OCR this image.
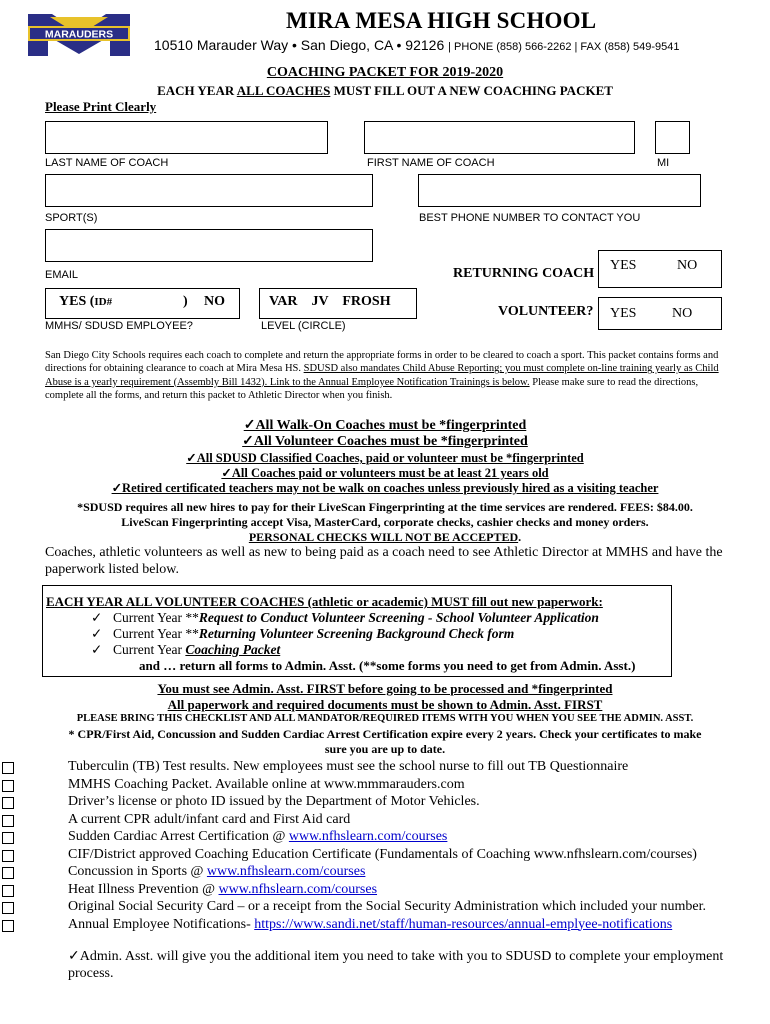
MARAUDERS
MIRA MESA HIGH SCHOOL
10510 Marauder Way • San Diego, CA • 92126 | PHONE (858) 566-2262 | FAX (858) 549-9541
COACHING PACKET FOR 2019-2020
EACH YEAR ALL COACHES MUST FILL OUT A NEW COACHING PACKET
Please Print Clearly
LAST NAME OF COACH	FIRST NAME OF COACH	MI
SPORT(S)	BEST PHONE NUMBER TO CONTACT YOU
EMAIL	RETURNING COACH
YES	NO
YES (ID#	) NO	VAR    JV    FROSH
MMHS/ SDUSD EMPLOYEE?	LEVEL (CIRCLE)
VOLUNTEER? YES	NO
San Diego City Schools requires each coach to complete and return the appropriate forms in order to be cleared to coach a sport. This packet contains forms and directions for obtaining clearance to coach at Mira Mesa HS. SDUSD also mandates Child Abuse Reporting; you must complete on-line training yearly as Child Abuse is a yearly requirement (Assembly Bill 1432). Link to the Annual Employee Notification Trainings is below. Please make sure to read the directions, complete all the forms, and return this packet to Athletic Director when you finish.
✓All Walk-On Coaches must be *fingerprinted
✓All Volunteer Coaches must be *fingerprinted
✓All SDUSD Classified Coaches, paid or volunteer must be *fingerprinted
✓All Coaches paid or volunteers must be at least 21 years old
✓Retired certificated teachers may not be walk on coaches unless previously hired as a visiting teacher
*SDUSD requires all new hires to pay for their LiveScan Fingerprinting at the time services are rendered. FEES: $84.00.
LiveScan Fingerprinting accept Visa, MasterCard, corporate checks, cashier checks and money orders.
PERSONAL CHECKS WILL NOT BE ACCEPTED.
Coaches, athletic volunteers as well as new to being paid as a coach need to see Athletic Director at MMHS and have the paperwork listed below.
EACH YEAR ALL VOLUNTEER COACHES (athletic or academic) MUST fill out new paperwork:
✓ Current Year **Request to Conduct Volunteer Screening - School Volunteer Application
✓ Current Year **Returning Volunteer Screening Background Check form
✓ Current Year Coaching Packet
and … return all forms to Admin. Asst. (**some forms you need to get from Admin. Asst.)
You must see Admin. Asst. FIRST before going to be processed and *fingerprinted
All paperwork and required documents must be shown to Admin. Asst. FIRST
PLEASE BRING THIS CHECKLIST AND ALL MANDATOR/REQUIRED ITEMS WITH YOU WHEN YOU SEE THE ADMIN. ASST.
* CPR/First Aid, Concussion and Sudden Cardiac Arrest Certification expire every 2 years. Check your certificates to make
sure you are up to date.
Tuberculin (TB) Test results. New employees must see the school nurse to fill out TB Questionnaire
MMHS Coaching Packet. Available online at www.mmmarauders.com
Driver’s license or photo ID issued by the Department of Motor Vehicles.
A current CPR adult/infant card and First Aid card
Sudden Cardiac Arrest Certification @ www.nfhslearn.com/courses
CIF/District approved Coaching Education Certificate (Fundamentals of Coaching www.nfhslearn.com/courses)
Concussion in Sports @ www.nfhslearn.com/courses
Heat Illness Prevention @ www.nfhslearn.com/courses
Original Social Security Card – or a receipt from the Social Security Administration which included your number.
Annual Employee Notifications- https://www.sandi.net/staff/human-resources/annual-emplyee-notifications
✓Admin. Asst. will give you the additional item you need to take with you to SDUSD to complete your employment process.
